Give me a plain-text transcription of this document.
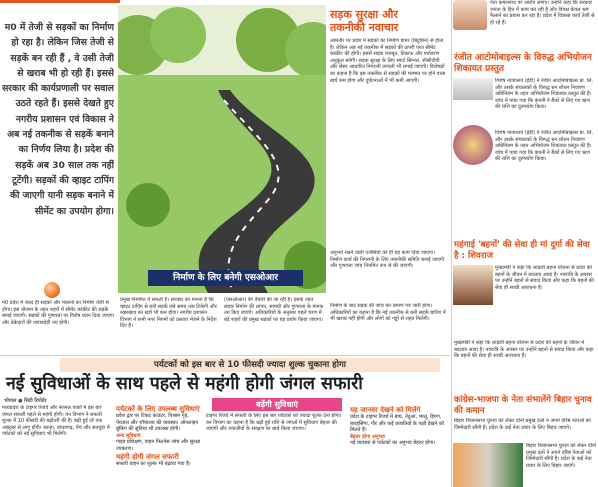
म0 में तेजी से सड़कों का निर्माण हो रहा है। लेकिन जिस तेजी से सड़कें बन रही हैं , वे उसी तेजी से खराब भी हो रही हैं। इससे सरकार की कार्यप्रणाली पर सवाल उठते रहते हैं। इससे देखते हुए नगरीय प्रशासन एवं विकास ने अब नई तकनीक से सड़कें बनाने का निर्णय लिया है। प्रदेश की सड़कें अब 30 साल तक नहीं टूटेंगी। सड़कों की व्हाइट टापिंग की जाएगी यानी सड़क बनाने में सीमेंट का उपयोग होगा।
निर्माण के लिए बनेगी एसओआर
सड़क सुरक्षा और
तकनीकी नवाचार
आमतौर पर प्रदेश में सड़कों का निर्माण डामर (बिटुमिन) से होता है। लेकिन अब नई तकनीक में सड़कों की ऊपरी परत सीमेंट कांक्रीट की होगी। इससे सड़क मजबूत, टिकाऊ और पर्यावरण अनुकूल बनेगी। सड़क सुरक्षा के लिए स्मार्ट सिग्नल, सीसीटीवी और सेंसर आधारित निगरानी प्रणाली भी लगाई जाएगी। विशेषज्ञों का कहना है कि इस तकनीक से सड़कों की मरम्मत पर होने वाला खर्च कम होगा और दुर्घटनाओं में भी कमी आएगी।
प्रमुख नियमित वे सकती है। सरकार का मानना है कि व्हाइट टापिंग से बनी सड़कें लंबे समय तक टिकेंगी और रखरखाव का खर्च भी कम होगा। नगरीय प्रशासन विभाग ने सभी नगर निगमों को प्रस्ताव भेजने के निर्देश दिए हैं।
(एसओआर) की तैयारी की जा रही है। इसके तहत सड़क निर्माण की लागत, सामग्री और गुणवत्ता के मानक तय किए जाएंगे। अधिकारियों के अनुसार पहले चरण में बड़े शहरों की प्रमुख सड़कों पर यह प्रयोग किया जाएगा।
अनुभव रखने वाली एजेंसियों को ही यह काम दिया जाएगा। निर्माण कार्य की निगरानी के लिए तकनीकी समिति बनाई जाएगी और गुणवत्ता जांच नियमित रूप से की जाएगी।
निर्माण के बाद सड़क की जांच कर प्रमाण पत्र जारी होगा। अधिकारियों का कहना है कि नई तकनीक से बनी सड़कें बारिश में भी खराब नहीं होंगी और लोगों को गड्ढों से राहत मिलेगी।
म0 प्रदेश में जल्द ही सड़कों और मकानों का निर्माण तेजी से होगा। इस योजना के तहत शहरों में सीमेंट कांक्रीट की सड़कें बनाई जाएंगी। सड़कों की गुणवत्ता पर विशेष ध्यान दिया जाएगा और ठेकेदारों की जवाबदेही तय होगी।
नेता कमलनाथ पर आरोप लगाए। उन्होंने कहा कि सरकार जनता के हित में काम कर रही है और विपक्ष केवल भ्रम फैलाने का प्रयास कर रहा है। प्रदेश में विकास कार्य तेजी से हो रहे हैं।
रंजीत आटोमोबाइल्स के विरुद्ध अभियोजन शिकायत प्रस्तुत
विशेष न्यायालय (ईडी) ने रंजीत आटोमोबाइल्स प्रा. लि. और उसके संचालकों के विरुद्ध धन शोधन निवारण अधिनियम के तहत अभियोजन शिकायत प्रस्तुत की है। जांच में पाया गया कि कंपनी ने बैंकों से लिए गए ऋण की राशि का दुरुपयोग किया।
विशेष न्यायालय (ईडी) ने रंजीत आटोमोबाइल्स प्रा. लि. और उसके संचालकों के विरुद्ध धन शोधन निवारण अधिनियम के तहत अभियोजन शिकायत प्रस्तुत की है। जांच में पाया गया कि कंपनी ने बैंकों से लिए गए ऋण की राशि का दुरुपयोग किया।
महंगाई 'बहनों' की सेवा ही मां दुर्गा की सेवा है : शिवराज
मुख्यमंत्री ने कहा कि लाड़ली बहना योजना से प्रदेश की बहनों के जीवन में बदलाव आया है। नवरात्रि के अवसर पर उन्होंने बहनों से संवाद किया और कहा कि बहनों की सेवा ही सच्ची आराधना है।
मुख्यमंत्री ने कहा कि लाड़ली बहना योजना से प्रदेश की बहनों के जीवन में बदलाव आया है। नवरात्रि के अवसर पर उन्होंने बहनों से संवाद किया और कहा कि बहनों की सेवा ही सच्ची आराधना है।
कांग्रेस-भाजपा के नेता संभालेंगे बिहार चुनाव की कमान
बिहार विधानसभा चुनाव को लेकर दोनों प्रमुख दलों ने अपने वरिष्ठ नेताओं को जिम्मेदारी सौंपी है। प्रदेश के कई नेता प्रचार के लिए बिहार जाएंगे।
बिहार विधानसभा चुनाव को लेकर दोनों प्रमुख दलों ने अपने वरिष्ठ नेताओं को जिम्मेदारी सौंपी है। प्रदेश के कई नेता प्रचार के लिए बिहार जाएंगे।
पर्यटकों को इस बार से 10 फीसदी ज्यादा शुल्क चुकाना होगा
नई सुविधाओं के साथ पहले से महंगी होगी जंगल सफारी
भोपाल ● सिटी रिपोर्टर
मध्यप्रदेश के टाइगर रिजर्व और नेशनल पार्कों में इस बार जंगल सफारी पहले से महंगी होगी। वन विभाग ने सफारी शुल्क में 10 फीसदी की बढ़ोतरी की है। बढ़ी हुई दरें एक अक्टूबर से लागू होंगी। कान्हा, बांधवगढ़, पेंच और सतपुड़ा में पर्यटकों को नई सुविधाएं भी मिलेंगी।
पर्यटकों के लिए उपलब्ध सुविधाएं
प्रवेश द्वार पर टिकट काउंटर, विश्राम गृह, पेयजल और शौचालय की व्यवस्था। ऑनलाइन बुकिंग की सुविधा भी उपलब्ध होगी।
अन्य सुविधाएं
गाइड प्रशिक्षण, वाहन फिटनेस जांच और सुरक्षा उपकरण।
महंगी होगी जंगल सफारी
सफारी वाहन का शुल्क भी बढ़ाया गया है।
बढ़ेंगी सुविधाएं
टाइगर रिजर्व में सफारी के लिए इस बार पर्यटकों को ज्यादा शुल्क देना होगा। वन विभाग का कहना है कि बढ़ी हुई राशि से जंगलों में सुविधाएं बेहतर की जाएंगी और वन्यजीवों के संरक्षण पर खर्च किया जाएगा।
यह जानवर देखने को मिलेंगे
प्रदेश के टाइगर रिजर्व में बाघ, तेंदुआ, भालू, हिरण, बारहसिंगा, गौर और कई प्रजातियों के पक्षी देखने को मिलते हैं।
बेहतर होगा अनुभव
नई व्यवस्था से पर्यटकों का अनुभव बेहतर होगा।
